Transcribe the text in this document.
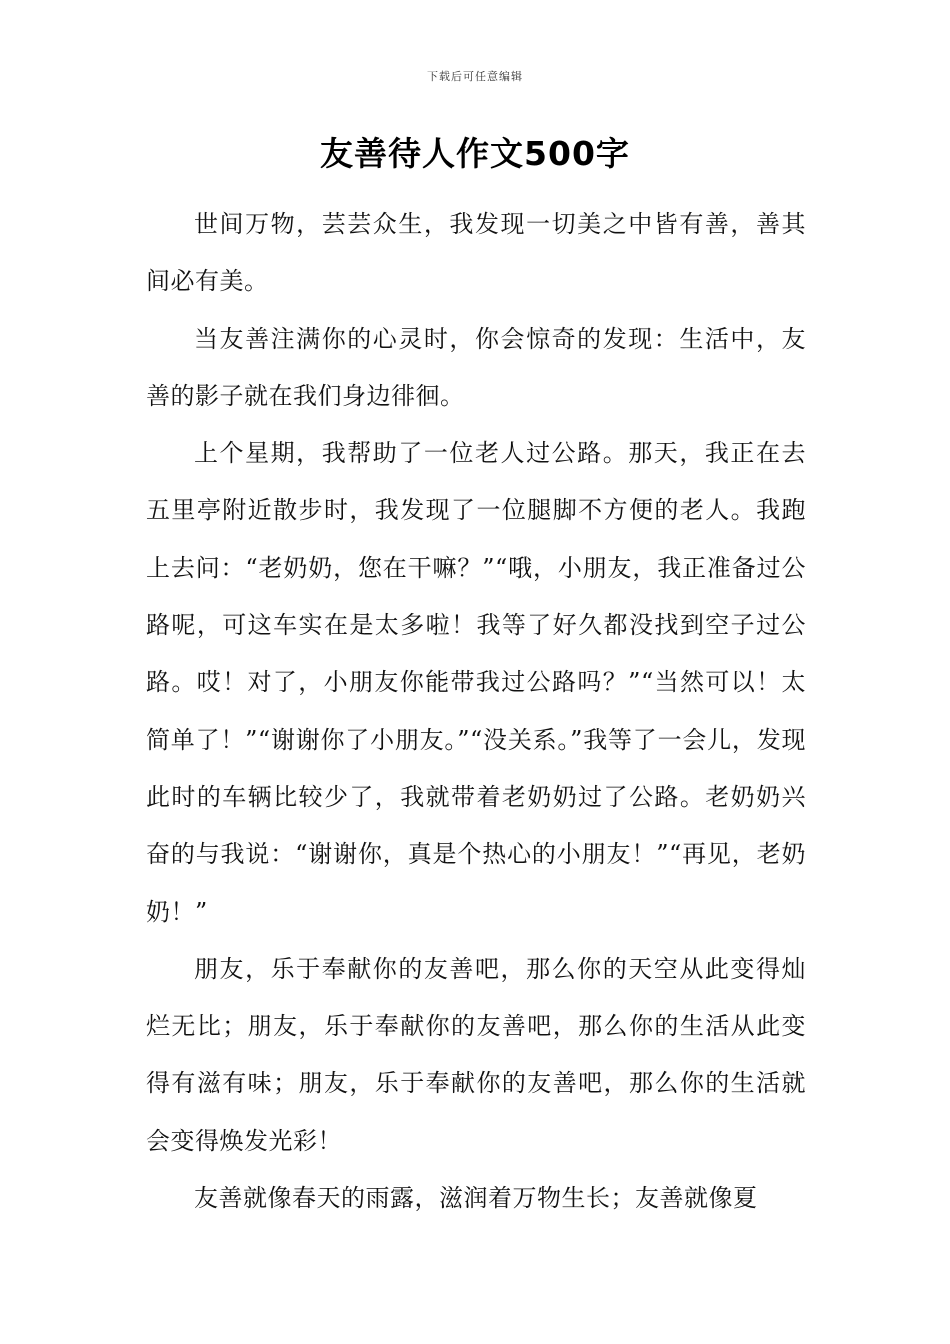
下载后可任意编辑
友善待人作文500字

世间万物，芸芸众生，我发现一切美之中皆有善，善其间必有美。

当友善注满你的心灵时，你会惊奇的发现：生活中，友善的影子就在我们身边徘徊。

上个星期，我帮助了一位老人过公路。那天，我正在去五里亭附近散步时，我发现了一位腿脚不方便的老人。我跑上去问：“老奶奶，您在干嘛？”“哦，小朋友，我正准备过公路呢，可这车实在是太多啦！我等了好久都没找到空子过公路。哎！对了，小朋友你能带我过公路吗？”“当然可以！太简单了！”“谢谢你了小朋友。”“没关系。”我等了一会儿，发现此时的车辆比较少了，我就带着老奶奶过了公路。老奶奶兴奋的与我说：“谢谢你，真是个热心的小朋友！”“再见，老奶奶！”

朋友，乐于奉献你的友善吧，那么你的天空从此变得灿烂无比；朋友，乐于奉献你的友善吧，那么你的生活从此变得有滋有味；朋友，乐于奉献你的友善吧，那么你的生活就会变得焕发光彩！

友善就像春天的雨露，滋润着万物生长；友善就像夏
